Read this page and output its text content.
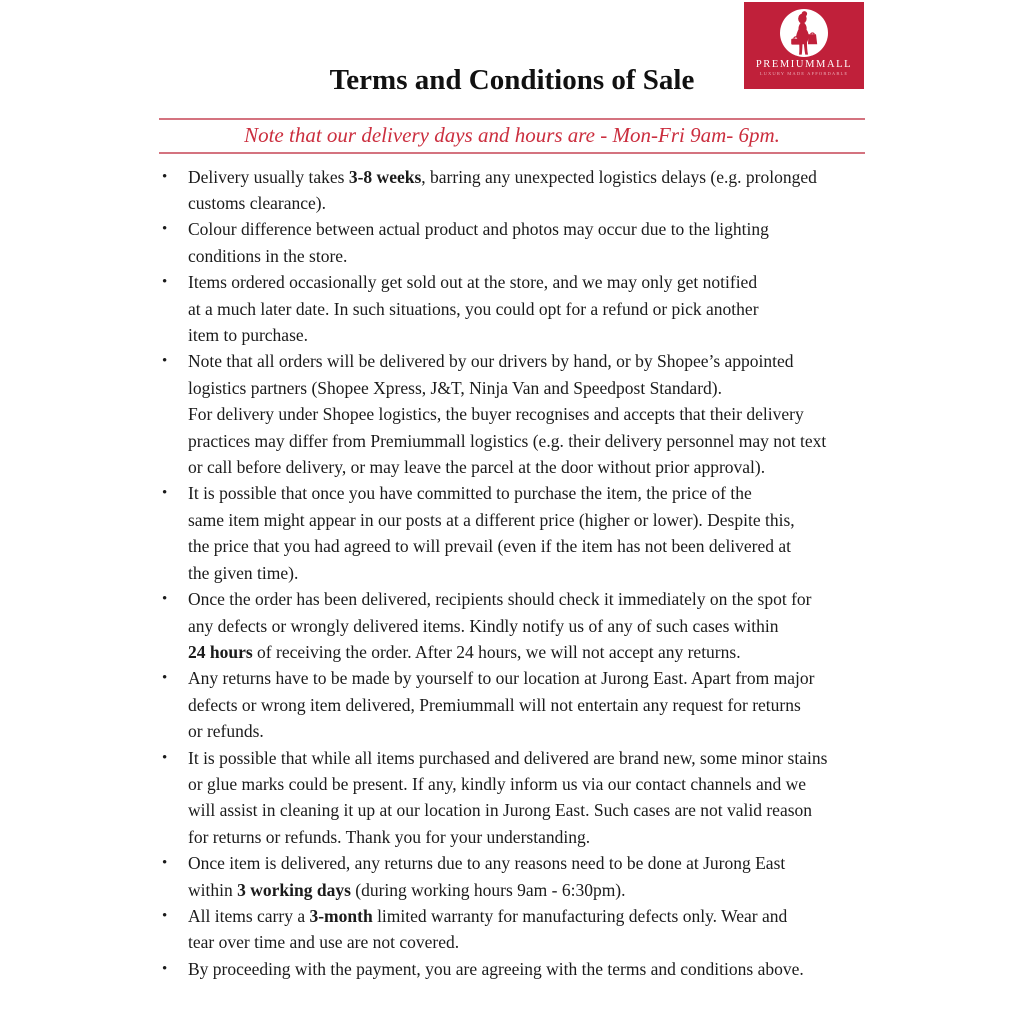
PREMIUMMALL
LUXURY MADE AFFORDABLE
Terms and Conditions of Sale
Note that our delivery days and hours are - Mon-Fri 9am- 6pm.
•	Delivery usually takes 3-8 weeks, barring any unexpected logistics delays (e.g. prolonged
customs clearance).
•	Colour difference between actual product and photos may occur due to the lighting
conditions in the store.
•	Items ordered occasionally get sold out at the store, and we may only get notified
at a much later date. In such situations, you could opt for a refund or pick another
item to purchase.
•	Note that all orders will be delivered by our drivers by hand, or by Shopee’s appointed
logistics partners (Shopee Xpress, J&T, Ninja Van and Speedpost Standard).
For delivery under Shopee logistics, the buyer recognises and accepts that their delivery
practices may differ from Premiummall logistics (e.g. their delivery personnel may not text
or call before delivery, or may leave the parcel at the door without prior approval).
•	It is possible that once you have committed to purchase the item, the price of the
same item might appear in our posts at a different price (higher or lower). Despite this,
the price that you had agreed to will prevail (even if the item has not been delivered at
the given time).
•	Once the order has been delivered, recipients should check it immediately on the spot for
any defects or wrongly delivered items. Kindly notify us of any of such cases within
24 hours of receiving the order. After 24 hours, we will not accept any returns.
•	Any returns have to be made by yourself to our location at Jurong East. Apart from major
defects or wrong item delivered, Premiummall will not entertain any request for returns
or refunds.
•	It is possible that while all items purchased and delivered are brand new, some minor stains
or glue marks could be present. If any, kindly inform us via our contact channels and we
will assist in cleaning it up at our location in Jurong East. Such cases are not valid reason
for returns or refunds. Thank you for your understanding.
•	Once item is delivered, any returns due to any reasons need to be done at Jurong East
within 3 working days (during working hours 9am - 6:30pm).
•	All items carry a 3-month limited warranty for manufacturing defects only. Wear and
tear over time and use are not covered.
•	By proceeding with the payment, you are agreeing with the terms and conditions above.
